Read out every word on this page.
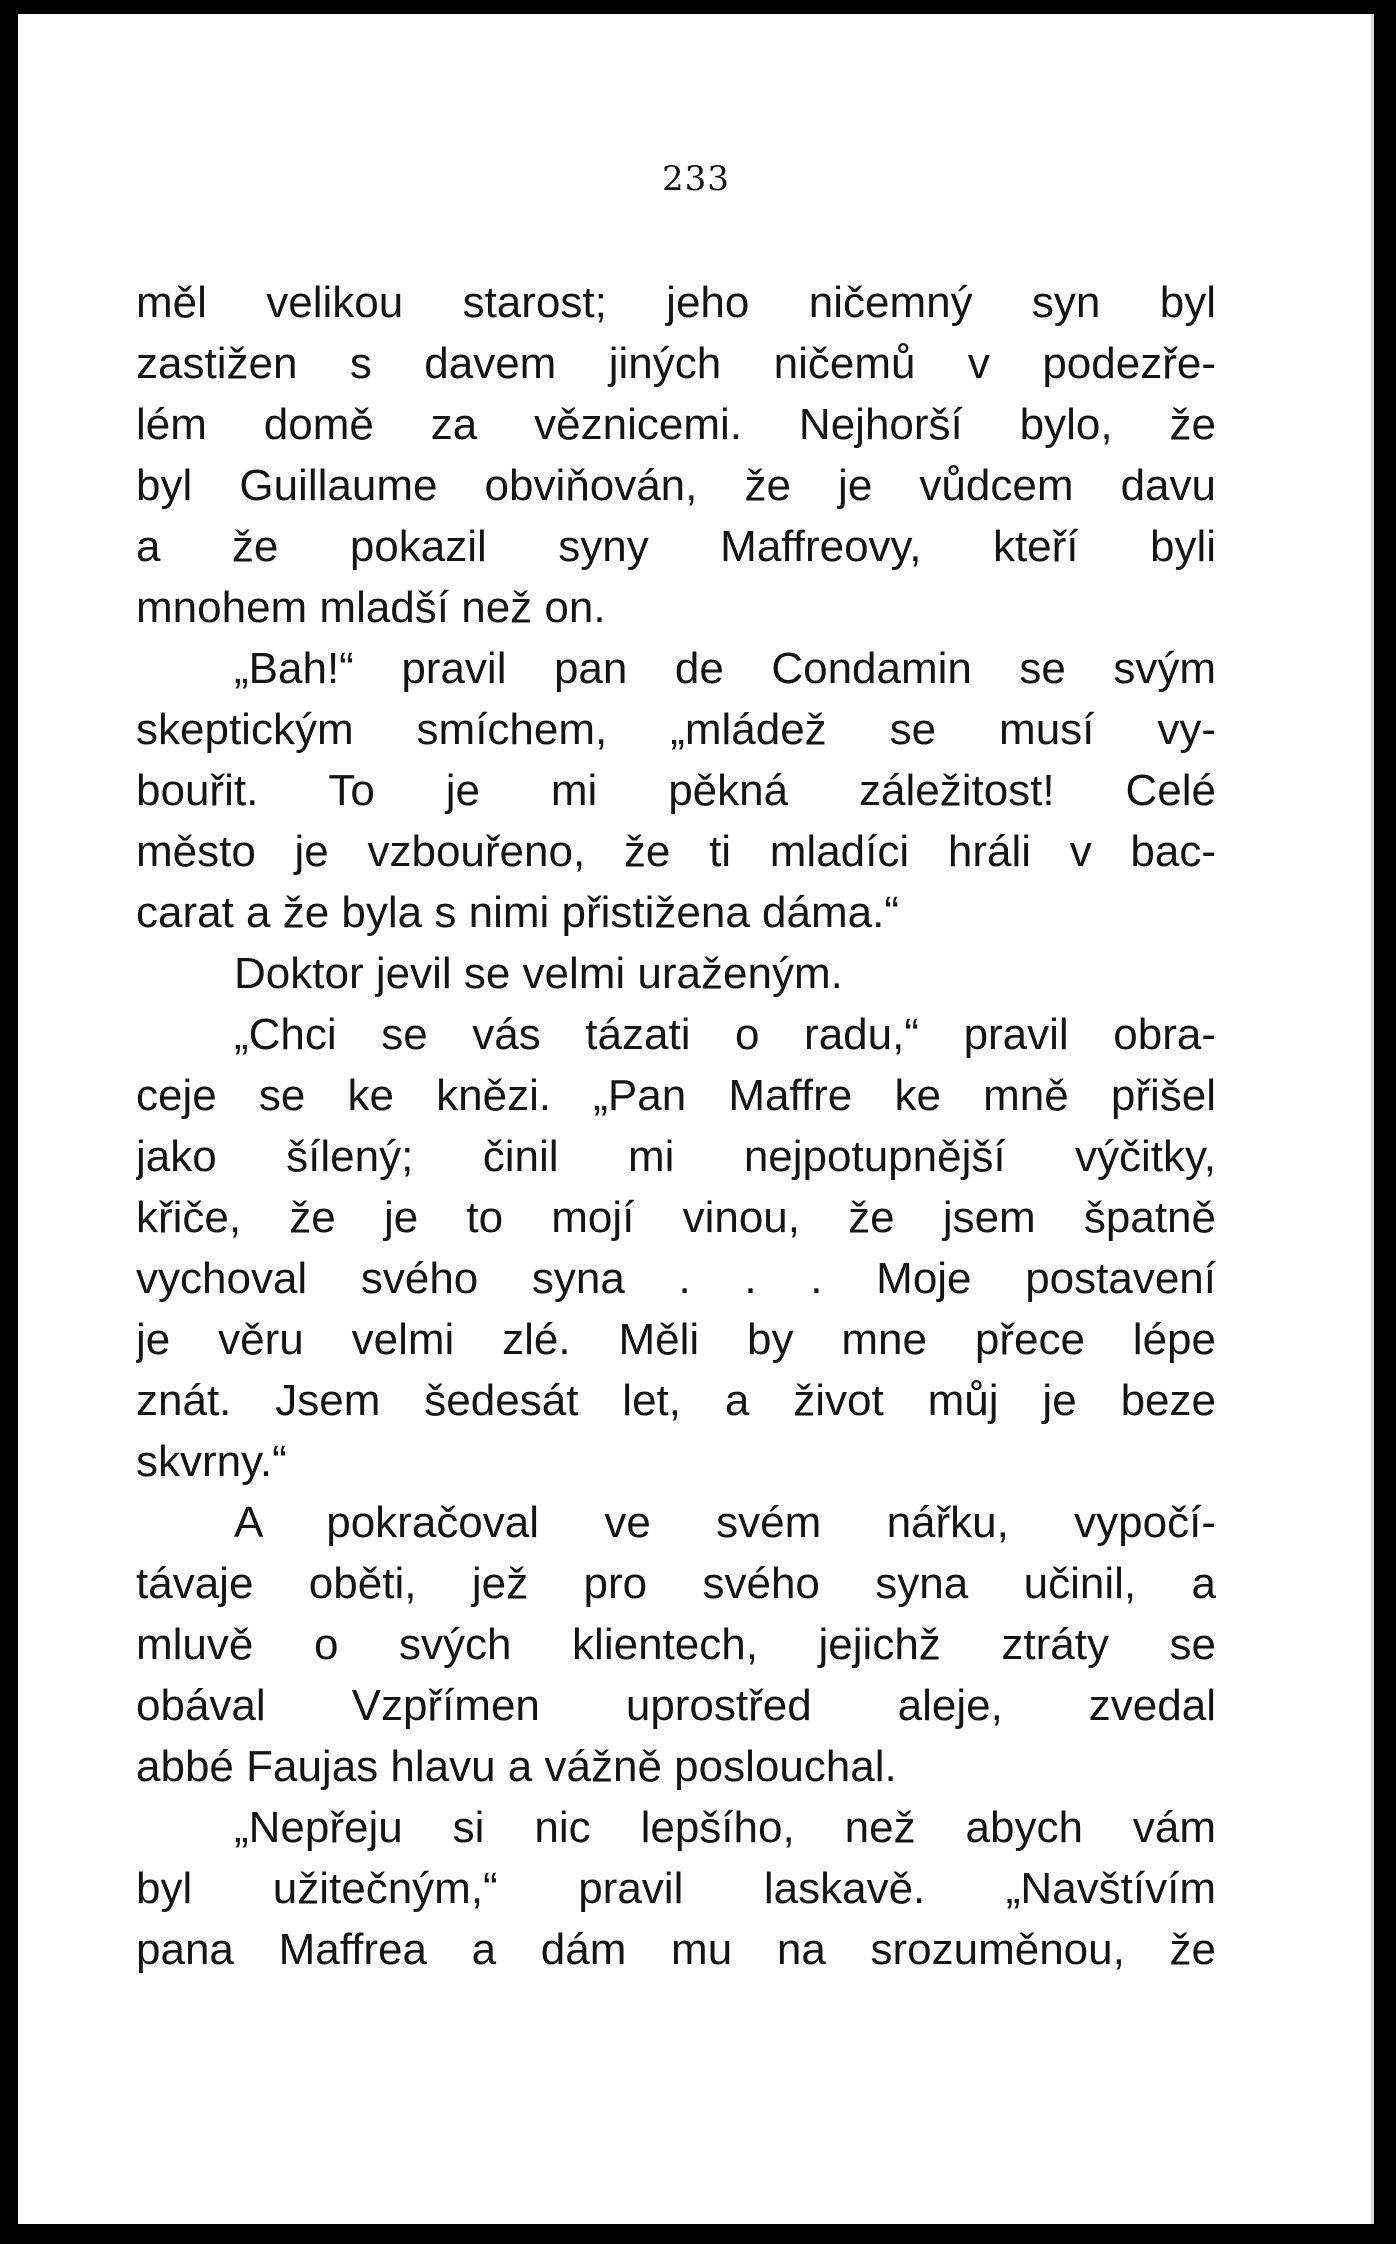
233
měl velikou starost; jeho ničemný syn byl
zastižen s davem jiných ničemů v podezře-
lém domě za věznicemi. Nejhorší bylo, že
byl Guillaume obviňován, že je vůdcem davu
a že pokazil syny Maffreovy, kteří byli
mnohem mladší než on.
„Bah!“ pravil pan de Condamin se svým
skeptickým smíchem, „mládež se musí vy-
bouřit. To je mi pěkná záležitost! Celé
město je vzbouřeno, že ti mladíci hráli v bac-
carat a že byla s nimi přistižena dáma.“
Doktor jevil se velmi uraženým.
„Chci se vás tázati o radu,“ pravil obra-
ceje se ke knězi. „Pan Maffre ke mně přišel
jako šílený; činil mi nejpotupnější výčitky,
křiče, že je to mojí vinou, že jsem špatně
vychoval svého syna . . . Moje postavení
je věru velmi zlé. Měli by mne přece lépe
znát. Jsem šedesát let, a život můj je beze
skvrny.“
A pokračoval ve svém nářku, vypočí-
távaje oběti, jež pro svého syna učinil, a
mluvě o svých klientech, jejichž ztráty se
obával Vzpřímen uprostřed aleje, zvedal
abbé Faujas hlavu a vážně poslouchal.
„Nepřeju si nic lepšího, než abych vám
byl užitečným,“ pravil laskavě. „Navštívím
pana Maffrea a dám mu na srozuměnou, že
